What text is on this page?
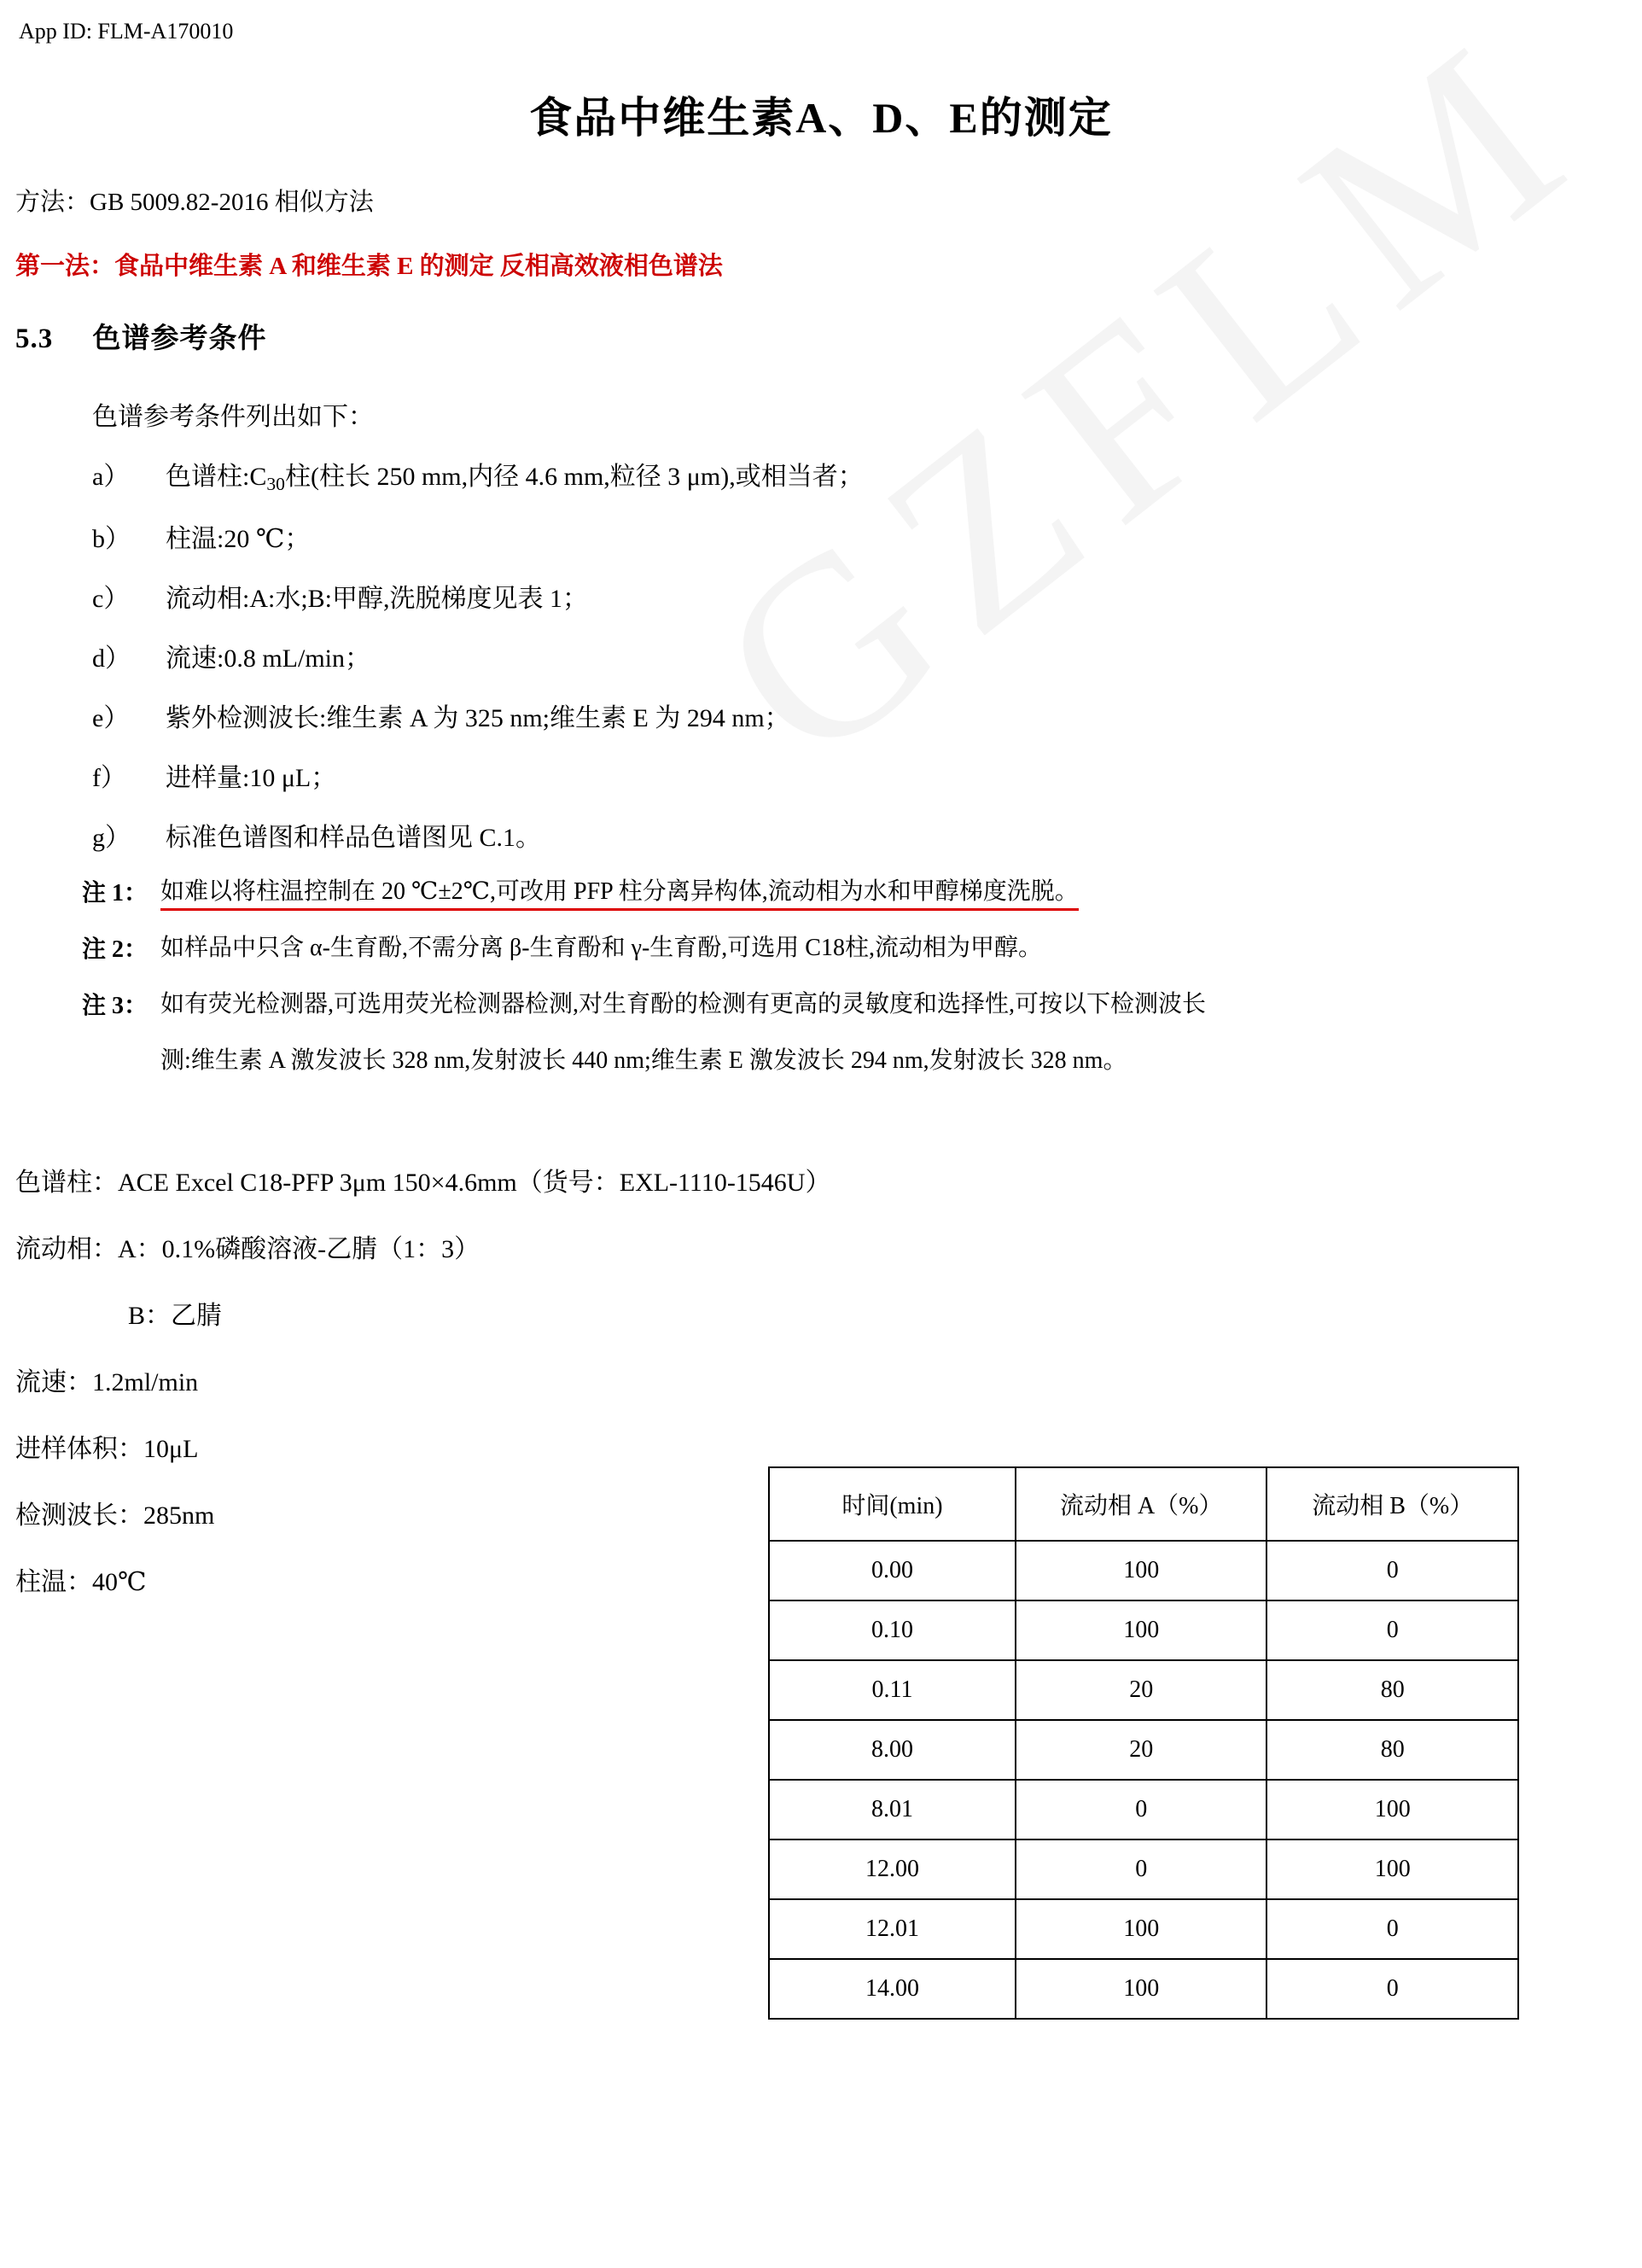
App ID: FLM-A170010
食品中维生素A、D、E的测定
方法：GB 5009.82-2016 相似方法
第一法：食品中维生素 A 和维生素 E 的测定 反相高效液相色谱法
5.3 色谱参考条件
色谱参考条件列出如下：
a）	色谱柱$:C_{30}$柱(柱长 250 mm,内径 4.6 mm,粒径 3 μm),或相当者；
b）	柱温:20 ℃；
c）	流动相:A:水;B:甲醇,洗脱梯度见表 1；
d）	流速:0.8 mL/min；
e）	紫外检测波长:维生素 A 为 325 nm;维生素 E 为 294 nm；
f）	进样量:10 μL；
g）	标准色谱图和样品色谱图见 C.1。
注 1： 如难以将柱温控制在 20 ℃±2℃,可改用 PFP 柱分离异构体,流动相为水和甲醇梯度洗脱。
注 2： 如样品中只含 α-生育酚,不需分离 β-生育酚和 γ-生育酚,可选用 C18柱,流动相为甲醇。
注 3： 如有荧光检测器,可选用荧光检测器检测,对生育酚的检测有更高的灵敏度和选择性,可按以下检测波长
测:维生素 A 激发波长 328 nm,发射波长 440 nm;维生素 E 激发波长 294 nm,发射波长 328 nm。
色谱柱：ACE Excel C18-PFP 3μm 150×4.6mm（货号：EXL-1110-1546U）
流动相：A：0.1%磷酸溶液-乙腈（1：3）
B：乙腈
流速：1.2ml/min
进样体积：10μL
检测波长：285nm
柱温：40℃
时间(min)	流动相 A（%）	流动相 B（%）
0.00	100	0
0.10	100	0
0.11	20	80
8.00	20	80
8.01	0	100
12.00	0	100
12.01	100	0
14.00	100	0
